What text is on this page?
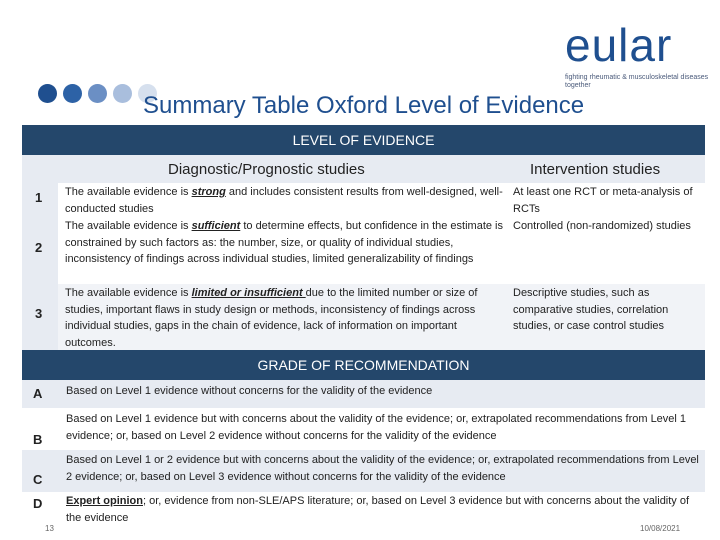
eular
fighting rheumatic & musculoskeletal diseases together
Summary Table Oxford Level of Evidence
LEVEL OF EVIDENCE
Diagnostic/Prognostic studies	Intervention studies
1
2
3
The available evidence is strong and includes consistent results from well-designed, well-conducted studies
The available evidence is sufficient to determine effects, but confidence in the estimate is constrained by such factors as: the number, size, or quality of individual studies, inconsistency of findings across individual studies, limited generalizability of findings
The available evidence is limited or insufficient due to the limited number or size of studies, important flaws in study design or methods, inconsistency of findings across individual studies, gaps in the chain of evidence, lack of information on important outcomes.
At least one RCT or meta-analysis of RCTs
Controlled (non-randomized) studies
Descriptive studies, such as comparative studies, correlation studies, or case control studies
GRADE OF RECOMMENDATION
A
B
C
D
Based on Level 1 evidence without concerns for the validity of the evidence
Based on Level 1 evidence but with concerns about the validity of the evidence; or, extrapolated recommendations from Level 1 evidence; or, based on Level 2 evidence without concerns for the validity of the evidence
Based on Level 1 or 2 evidence but with concerns about the validity of the evidence; or, extrapolated recommendations from Level 2 evidence; or, based on Level 3 evidence without concerns for the validity of the evidence
Expert opinion; or, evidence from non-SLE/APS literature; or, based on Level 3 evidence but with concerns about the validity of the evidence
13	10/08/2021
